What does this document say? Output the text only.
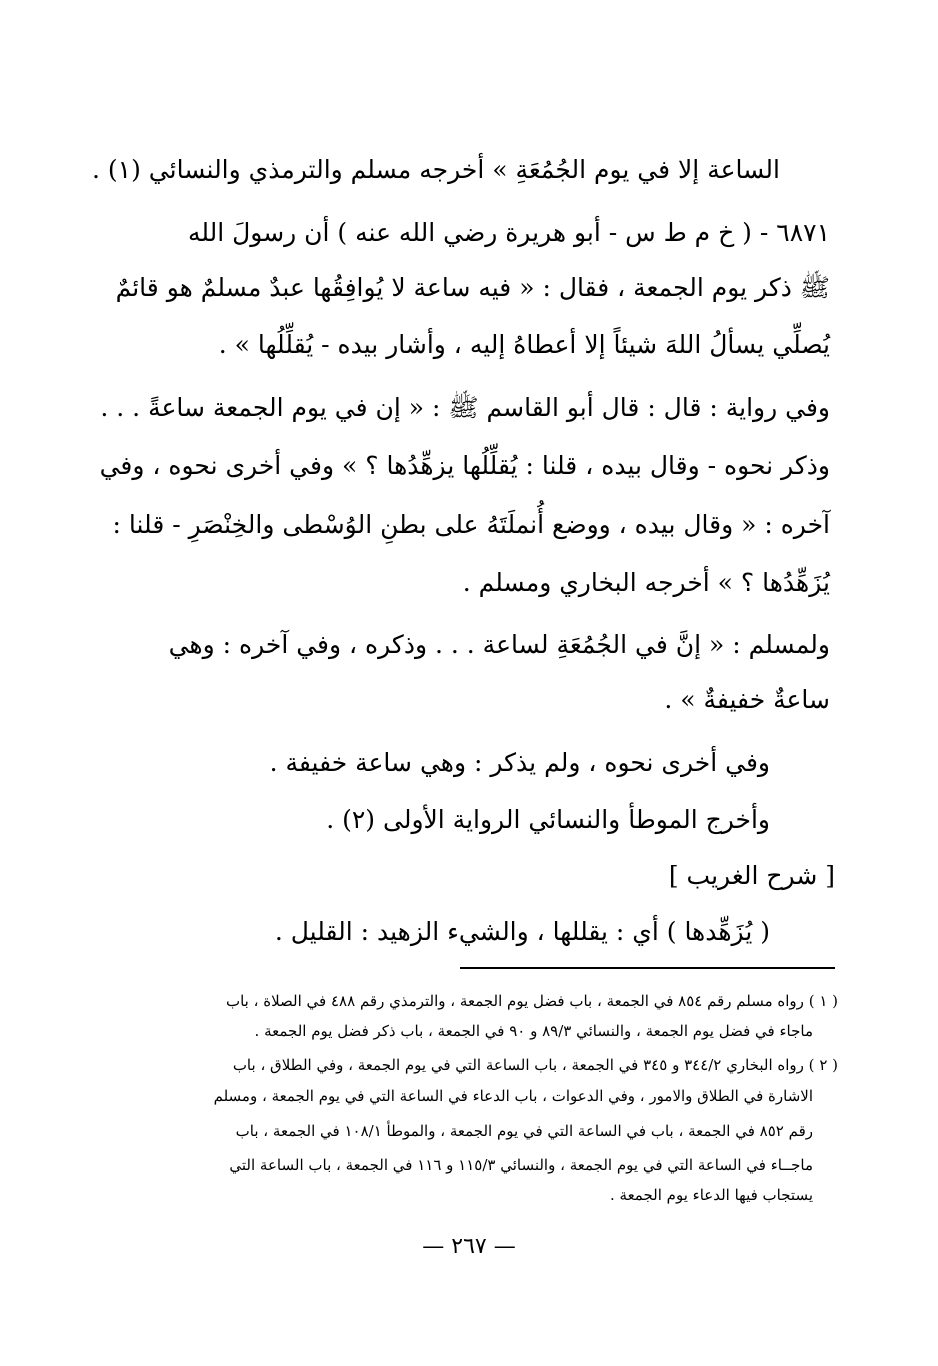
الساعة إلا في يوم الجُمُعَةِ » أخرجه مسلم والترمذي والنسائي (١) .
٦٨٧١ - ( خ م ط س - أبو هريرة رضي الله عنه ) أن رسولَ الله
ﷺ ذكر يوم الجمعة ، فقال : « فيه ساعة لا يُوافِقُها عبدٌ مسلمٌ هو قائمٌ
يُصلِّي يسألُ اللهَ شيئاً إلا أعطاهُ إليه ، وأشار بيده - يُقلِّلُها » .
وفي رواية : قال : قال أبو القاسم ﷺ : « إن في يوم الجمعة ساعةً . . .
وذكر نحوه - وقال بيده ، قلنا : يُقلِّلُها يزهِّدُها ؟ » وفي أخرى نحوه ، وفي
آخره : « وقال بيده ، ووضع أُنملَتَهُ على بطنِ الوُسْطى والخِنْصَرِ - قلنا :
يُزَهِّدُها ؟ » أخرجه البخاري ومسلم .
ولمسلم : « إنَّ في الجُمُعَةِ لساعة . . . وذكره ، وفي آخره : وهي
ساعةٌ خفيفةٌ » .
وفي أخرى نحوه ، ولم يذكر : وهي ساعة خفيفة .
وأخرج الموطأ والنسائي الرواية الأولى (٢) .
[ شرح الغريب ]
( يُزَهِّدها ) أي : يقللها ، والشيء الزهيد : القليل .
( ١ ) رواه مسلم رقم ٨٥٤ في الجمعة ، باب فضل يوم الجمعة ، والترمذي رقم ٤٨٨ في الصلاة ، باب
ماجاء في فضل يوم الجمعة ، والنسائي ٨٩/٣ و ٩٠ في الجمعة ، باب ذكر فضل يوم الجمعة .
( ٢ ) رواه البخاري ٣٤٤/٢ و ٣٤٥ في الجمعة ، باب الساعة التي في يوم الجمعة ، وفي الطلاق ، باب
الاشارة في الطلاق والامور ، وفي الدعوات ، باب الدعاء في الساعة التي في يوم الجمعة ، ومسلم
رقم ٨٥٢ في الجمعة ، باب في الساعة التي في يوم الجمعة ، والموطأ ١٠٨/١ في الجمعة ، باب
ماجــاء في الساعة التي في يوم الجمعة ، والنسائي ١١٥/٣ و ١١٦ في الجمعة ، باب الساعة التي
يستجاب فيها الدعاء يوم الجمعة .
— ٢٦٧ —
